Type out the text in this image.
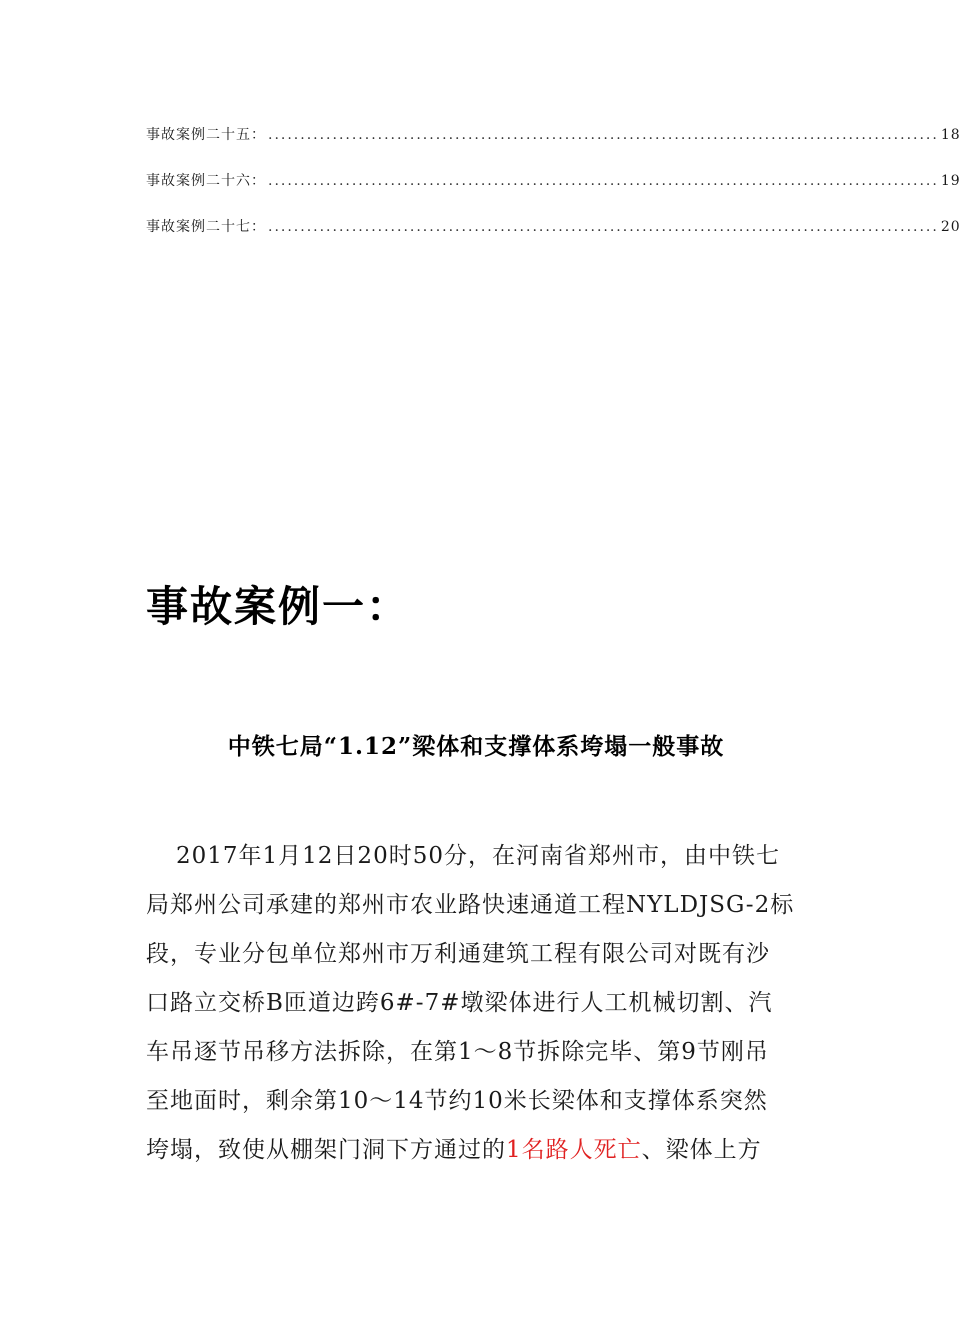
事故案例二十五： ........................................................................................................ 18
事故案例二十六： ........................................................................................................ 19
事故案例二十七： ........................................................................................................ 20
事故案例一：
中铁七局“1.12”梁体和支撑体系垮塌一般事故

2017年1月12日20时50分，在河南省郑州市，由中铁七

局郑州公司承建的郑州市农业路快速通道工程NYLDJSG-2标

段，专业分包单位郑州市万利通建筑工程有限公司对既有沙

口路立交桥B匝道边跨6#-7#墩梁体进行人工机械切割、汽

车吊逐节吊移方法拆除，在第1～8节拆除完毕、第9节刚吊

至地面时，剩余第10～14节约10米长梁体和支撑体系突然

垮塌，致使从棚架门洞下方通过的1名路人死亡、梁体上方
